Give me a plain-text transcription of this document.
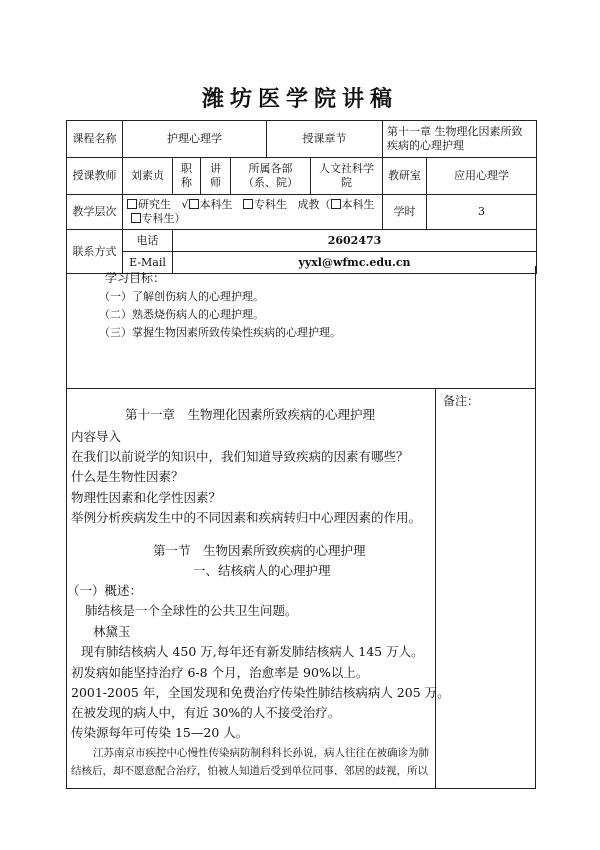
潍坊医学院讲稿
课程名称	护理心理学				授课章节		第十一章 生物理化因素所致疾病的心理护理	
授课教师	刘素贞	职称	讲师	所属各部（系、院）		人文社科学院	教研室	应用心理学
教学层次	研究生 √ 本科生 专科生 成教（ 本科生  专科生）						学时	3
联系方式	电话	2602473						
	E-Mail	yyxl@wfmc.edu.cn						
学习目标：
（一）了解创伤病人的心理护理。
（二）熟悉烧伤病人的心理护理。
（三）掌握生物因素所致传染性疾病的心理护理。
备注：
第十一章　生物理化因素所致疾病的心理护理
内容导入
在我们以前说学的知识中，我们知道导致疾病的因素有哪些？
什么是生物性因素？
物理性因素和化学性因素？
举例分析疾病发生中的不同因素和疾病转归中心理因素的作用。
第一节　生物因素所致疾病的心理护理
一、结核病人的心理护理
（一）概述：
肺结核是一个全球性的公共卫生问题。
林黛玉
现有肺结核病人 450 万,每年还有新发肺结核病人 145 万人。
初发病如能坚持治疗 6-8 个月，治愈率是 90%以上。
2001-2005 年，全国发现和免费治疗传染性肺结核病病人 205 万。
在被发现的病人中，有近 30%的人不接受治疗。
传染源每年可传染 15—20 人。
江苏南京市疾控中心慢性传染病防制科科长孙说，病人往往在被确诊为肺
结核后，却不愿意配合治疗，怕被人知道后受到单位同事、邻居的歧视，所以
